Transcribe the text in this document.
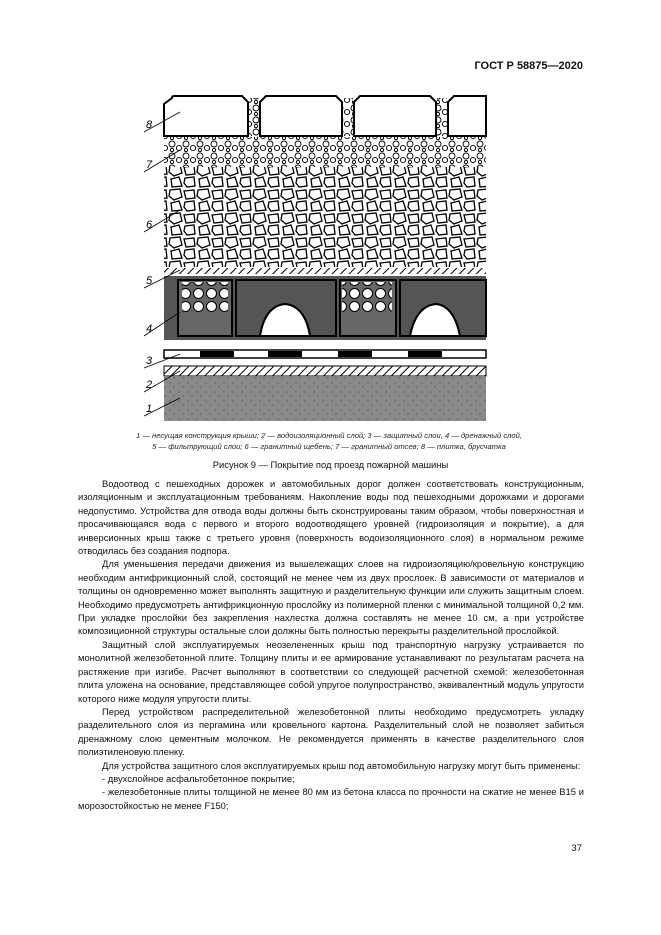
ГОСТ Р 58875—2020
8
7
6
5
4
3
2
1
1 — несущая конструкция крыши; 2 — водоизоляционный слой; 3 — защитный слои, 4 — дренажный слой,
5 — фильтрующий слои; 6 — гранитный щебень; 7 — гранитный отсев; 8 — плитка, брусчатка
Рисунок 9 — Покрытие под проезд пожарной машины

Водоотвод с пешеходных дорожек и автомобильных дорог должен соответствовать конструкционным, изоляционным и эксплуатационным требованиям. Накопление воды под пешеходными дорожками и дорогами недопустимо. Устройства для отвода воды должны быть сконструированы таким образом, чтобы поверхностная и просачивающаяся вода с первого и второго водоотводящего уровней (гидроизоляция и покрытие), а для инверсионных крыш также с третьего уровня (поверхность водоизоляционного слоя) в нормальном режиме отводилась без создания подпора.

Для уменьшения передачи движения из вышележащих слоев на гидроизоляцию/кровельную конструкцию необходим антифрикционный слой, состоящий не менее чем из двух прослоек. В зависимости от материалов и толщины он одновременно может выполнять защитную и разделительную функции или служить защитным слоем. Необходимо предусмотреть антифрикционную прослойку из полимерной пленки с минимальной толщиной 0,2 мм. При укладке прослойки без закрепления нахлестка должна составлять не менее 10 см, а при устройстве композиционной структуры остальные слои должны быть полностью перекрыты разделительной прослойкой.

Защитный слой эксплуатируемых неозелененных крыш под транспортную нагрузку устраивается по монолитной железобетонной плите. Толщину плиты и ее армирование устанавливают по результатам расчета на растяжение при изгибе. Расчет выполняют в соответствии со следующей расчетной схемой: железобетонная плита уложена на основание, представляющее собой упругое полупространство, эквивалентный модуль упругости которого ниже модуля упругости плиты.

Перед устройством распределительной железобетонной плиты необходимо предусмотреть укладку разделительного слоя из пергамина или кровельного картона. Разделительный слой не позволяет забиться дренажному слою цементным молочком. Не рекомендуется применять в качестве разделительного слоя полиэтиленовую пленку.

Для устройства защитного слоя эксплуатируемых крыш под автомобильную нагрузку могут быть применены:

- двухслойное асфальтобетонное покрытие;

- железобетонные плиты толщиной не менее 80 мм из бетона класса по прочности на сжатие не менее В15 и морозостойкостью не менее F150;

37
